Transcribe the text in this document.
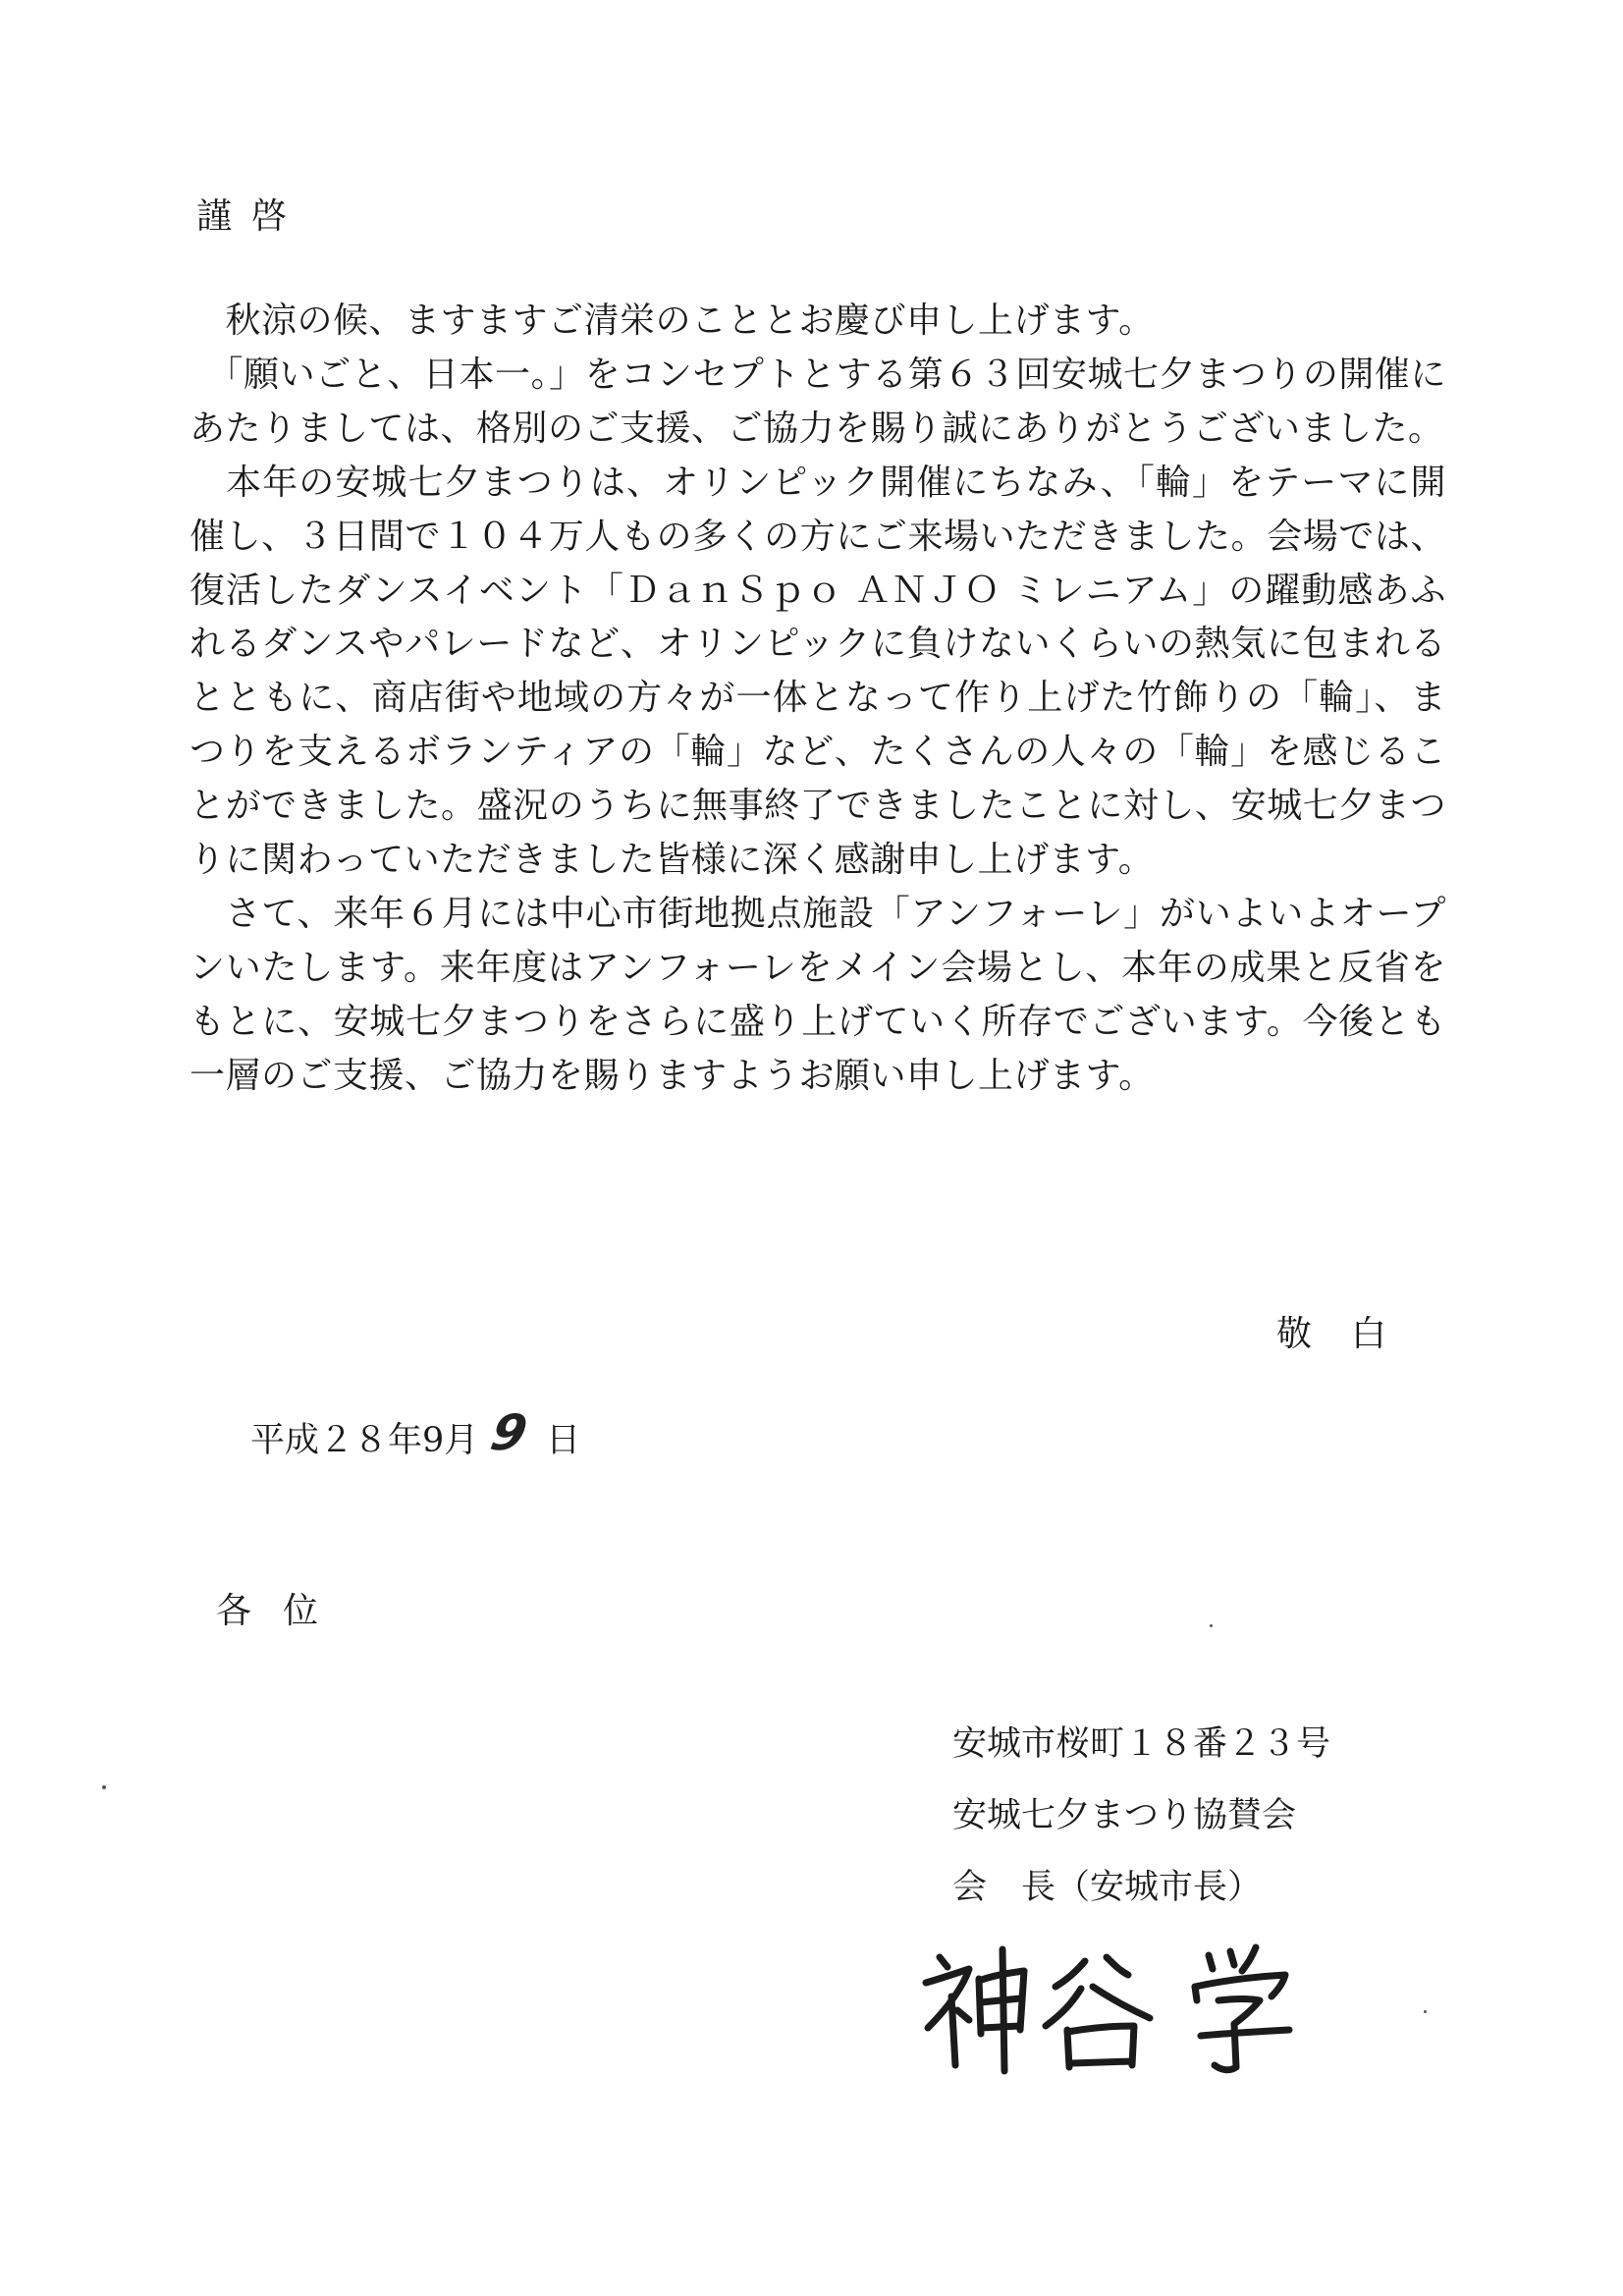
謹啓

　秋涼の候、ますますご清栄のこととお慶び申し上げます。

　「願いごと、日本一。」をコンセプトとする第６３回安城七夕まつりの開催にあたりましては、格別のご支援、ご協力を賜り誠にありがとうございました。

　本年の安城七夕まつりは、オリンピック開催にちなみ、「輪」をテーマに開催し、３日間で１０４万人もの多くの方にご来場いただきました。会場では、復活したダンスイベント「ＤａｎＳｐｏ ＡＮＪＯ ミレニアム」の躍動感あふれるダンスやパレードなど、オリンピックに負けないくらいの熱気に包まれるとともに、商店街や地域の方々が一体となって作り上げた竹飾りの「輪」、まつりを支えるボランティアの「輪」など、たくさんの人々の「輪」を感じることができました。盛況のうちに無事終了できましたことに対し、安城七夕まつりに関わっていただきました皆様に深く感謝申し上げます。

　さて、来年６月には中心市街地拠点施設「アンフォーレ」がいよいよオープンいたします。来年度はアンフォーレをメイン会場とし、本年の成果と反省をもとに、安城七夕まつりをさらに盛り上げていく所存でございます。今後とも一層のご支援、ご協力を賜りますようお願い申し上げます。

敬白
平成２８年9月 9 日
各位
安城市桜町１８番２３号
安城七夕まつり協賛会
会　長（安城市長）
